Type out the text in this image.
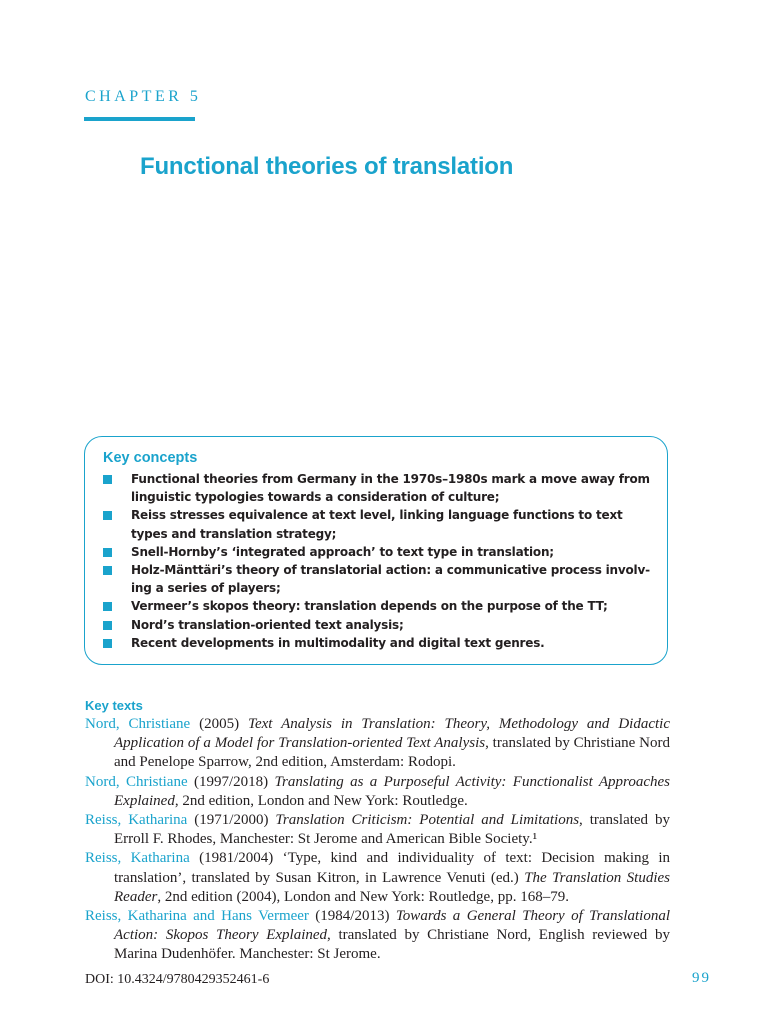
CHAPTER 5
Functional theories of translation
Key concepts
Functional theories from Germany in the 1970s–1980s mark a move away from linguistic typologies towards a consideration of culture;
Reiss stresses equivalence at text level, linking language functions to text types and translation strategy;
Snell-Hornby’s ‘integrated approach’ to text type in translation;
Holz-Mänttäri’s theory of translatorial action: a communicative process involv-ing a series of players;
Vermeer’s skopos theory: translation depends on the purpose of the TT;
Nord’s translation-oriented text analysis;
Recent developments in multimodality and digital text genres.
Key texts
Nord, Christiane (2005) Text Analysis in Translation: Theory, Methodology and Didactic Application of a Model for Translation-oriented Text Analysis, translated by Christiane Nord and Penelope Sparrow, 2nd edition, Amsterdam: Rodopi.
Nord, Christiane (1997/2018) Translating as a Purposeful Activity: Functionalist Approaches Explained, 2nd edition, London and New York: Routledge.
Reiss, Katharina (1971/2000) Translation Criticism: Potential and Limitations, translated by Erroll F. Rhodes, Manchester: St Jerome and American Bible Society.¹
Reiss, Katharina (1981/2004) ‘Type, kind and individuality of text: Decision making in translation’, translated by Susan Kitron, in Lawrence Venuti (ed.) The Translation Studies Reader, 2nd edition (2004), London and New York: Routledge, pp. 168–79.
Reiss, Katharina and Hans Vermeer (1984/2013) Towards a General Theory of Translational Action: Skopos Theory Explained, translated by Christiane Nord, English reviewed by Marina Dudenhöfer. Manchester: St Jerome.
DOI: 10.4324/9780429352461-6	99
